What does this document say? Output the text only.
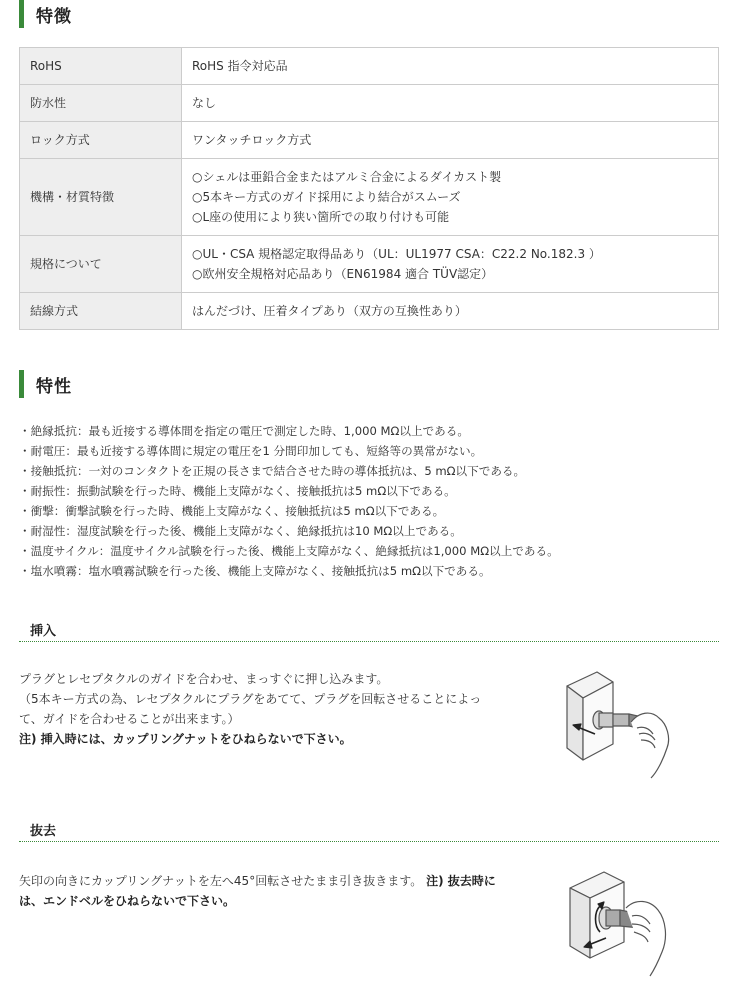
特徴
RoHS	RoHS 指令対応品
防水性	なし
ロック方式	ワンタッチロック方式
機構・材質特徴	○シェルは亜鉛合金またはアルミ合金によるダイカスト製
○5本キー方式のガイド採用により結合がスムーズ
○L座の使用により狭い箇所での取り付けも可能

規格について	○UL・CSA 規格認定取得品あり（UL：UL1977 CSA：C22.2 No.182.3 ）
○欧州安全規格対応品あり（EN61984 適合 TÜV認定）

結線方式	はんだづけ、圧着タイプあり（双方の互換性あり）
特性
・絶縁抵抗：最も近接する導体間を指定の電圧で測定した時、1,000 MΩ以上である。
・耐電圧：最も近接する導体間に規定の電圧を1 分間印加しても、短絡等の異常がない。
・接触抵抗：一対のコンタクトを正規の長さまで結合させた時の導体抵抗は、5 mΩ以下である。
・耐振性：振動試験を行った時、機能上支障がなく、接触抵抗は5 mΩ以下である。
・衝撃：衝撃試験を行った時、機能上支障がなく、接触抵抗は5 mΩ以下である。
・耐湿性：湿度試験を行った後、機能上支障がなく、絶縁抵抗は10 MΩ以上である。
・温度サイクル：温度サイクル試験を行った後、機能上支障がなく、絶縁抵抗は1,000 MΩ以上である。
・塩水噴霧：塩水噴霧試験を行った後、機能上支障がなく、接触抵抗は5 mΩ以下である。
挿入
プラグとレセプタクルのガイドを合わせ、まっすぐに押し込みます。
（5本キー方式の為、レセプタクルにプラグをあてて、プラグを回転させることによっ
て、ガイドを合わせることが出来ます。）
注) 挿入時には、カップリングナットをひねらないで下さい。
抜去
矢印の向きにカップリングナットを左へ45°回転させたまま引き抜きます。 注) 抜去時に
は、エンドベルをひねらないで下さい。
